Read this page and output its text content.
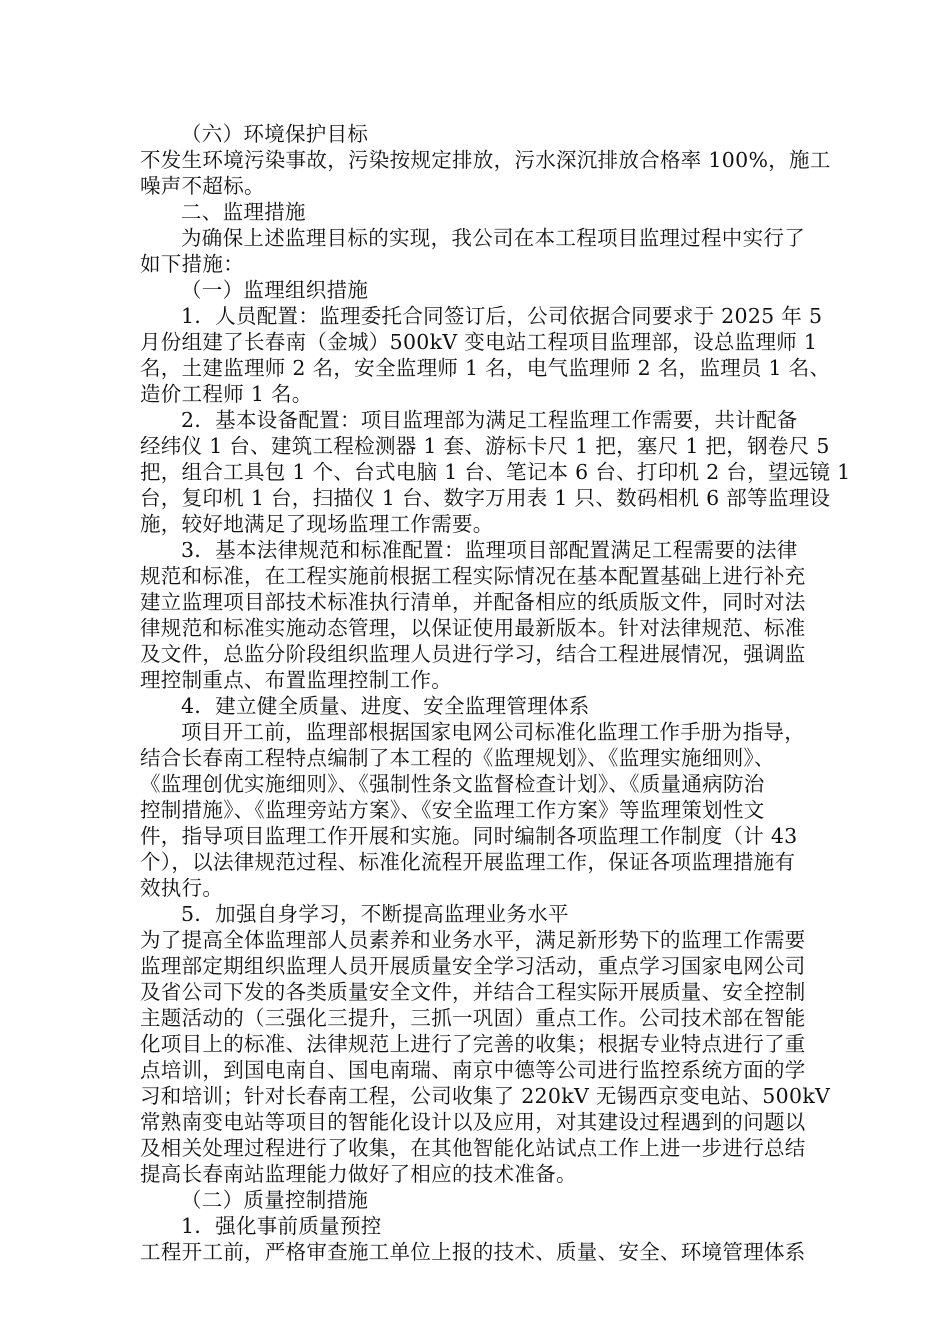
（六）环境保护目标
不发生环境污染事故，污染按规定排放，污水深沉排放合格率 100%，施工
噪声不超标。
二、监理措施
为确保上述监理目标的实现，我公司在本工程项目监理过程中实行了
如下措施：
（一）监理组织措施
1．人员配置：监理委托合同签订后，公司依据合同要求于 2025 年 5
月份组建了长春南（金城）500kV 变电站工程项目监理部，设总监理师 1
名，土建监理师 2 名，安全监理师 1 名，电气监理师 2 名，监理员 1 名、
造价工程师 1 名。
2．基本设备配置：项目监理部为满足工程监理工作需要，共计配备
经纬仪 1 台、建筑工程检测器 1 套、游标卡尺 1 把，塞尺 1 把，钢卷尺 5
把，组合工具包 1 个、台式电脑 1 台、笔记本 6 台、打印机 2 台，望远镜 1
台，复印机 1 台，扫描仪 1 台、数字万用表 1 只、数码相机 6 部等监理设
施，较好地满足了现场监理工作需要。
3．基本法律规范和标准配置：监理项目部配置满足工程需要的法律
规范和标准，在工程实施前根据工程实际情况在基本配置基础上进行补充
建立监理项目部技术标准执行清单，并配备相应的纸质版文件，同时对法
律规范和标准实施动态管理，以保证使用最新版本。针对法律规范、标准
及文件，总监分阶段组织监理人员进行学习，结合工程进展情况，强调监
理控制重点、布置监理控制工作。
4．建立健全质量、进度、安全监理管理体系
项目开工前，监理部根据国家电网公司标准化监理工作手册为指导，
结合长春南工程特点编制了本工程的《监理规划》、《监理实施细则》、
《监理创优实施细则》、《强制性条文监督检查计划》、《质量通病防治
控制措施》、《监理旁站方案》、《安全监理工作方案》等监理策划性文
件，指导项目监理工作开展和实施。同时编制各项监理工作制度（计 43
个），以法律规范过程、标准化流程开展监理工作，保证各项监理措施有
效执行。
5．加强自身学习，不断提高监理业务水平
为了提高全体监理部人员素养和业务水平，满足新形势下的监理工作需要
监理部定期组织监理人员开展质量安全学习活动，重点学习国家电网公司
及省公司下发的各类质量安全文件，并结合工程实际开展质量、安全控制
主题活动的（三强化三提升，三抓一巩固）重点工作。公司技术部在智能
化项目上的标准、法律规范上进行了完善的收集；根据专业特点进行了重
点培训，到国电南自、国电南瑞、南京中德等公司进行监控系统方面的学
习和培训；针对长春南工程，公司收集了 220kV 无锡西京变电站、500kV
常熟南变电站等项目的智能化设计以及应用，对其建设过程遇到的问题以
及相关处理过程进行了收集，在其他智能化站试点工作上进一步进行总结
提高长春南站监理能力做好了相应的技术准备。
（二）质量控制措施
1．强化事前质量预控
工程开工前，严格审查施工单位上报的技术、质量、安全、环境管理体系
